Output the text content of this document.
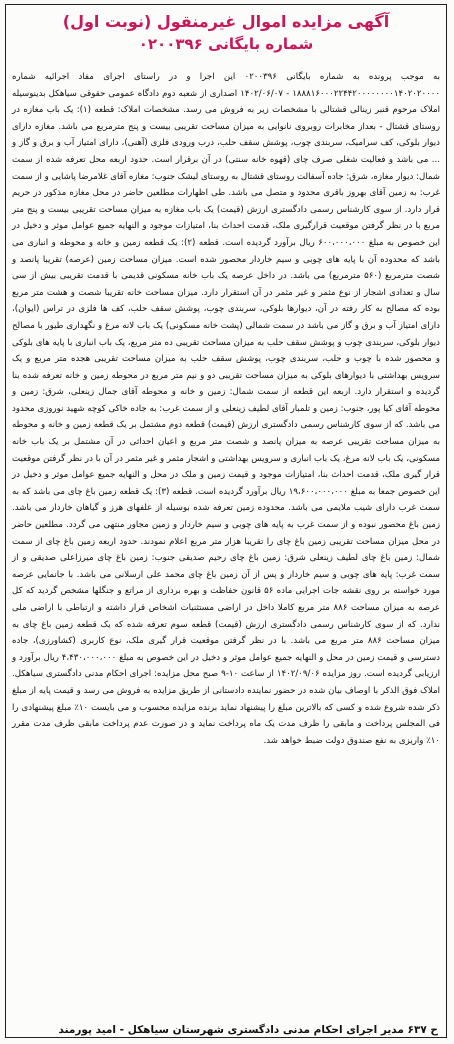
آگهی مزایده اموال غیرمنقول (نوبت اول)
شماره بایگانی ۰۲۰۰۳۹۶

به موجب پرونده به شماره بایگانی ۰۲۰۰۳۹۶ این اجرا و در راستای اجرای مفاد اجرائیه شماره ۱۸۸۸۱۶۰۰۰۲۲۴۴۲۰۰۰۰۰۰۰۰۱۴۰۲۰۲۰۰۰۰ - ۱۴۰۲/۰۶/۰۷ اصداری از شعبه دوم دادگاه عمومی حقوقی سیاهکل بدینوسیله املاک مرحوم قنبر زینالی قشتالی با مشخصات زیر به فروش می رسد. مشخصات املاک: قطعه (۱): یک باب مغازه در روستای قشتال - بعداز مخابرات روبروی نانوایی به میزان مساحت تقریبی بیست و پنج مترمربع می باشد. مغازه دارای دیوار بلوکی، کف سرامیک، سربندی چوب، پوشش سقف حلب، درب ورودی فلزی (آهنی)، دارای امتیاز آب و برق و گاز و ... می باشد و فعالیت شغلی صرف چای (قهوه خانه سنتی) در آن برقرار است. حدود اربعه محل تعرفه شده از سمت شمال: دیوار مغازه، شرق: جاده آسفالت روستای قشتال به روستای لیشک جنوب: مغازه آقای غلامرضا پاشایی و از سمت غرب: به زمین آقای بهروز باقری محدود و متصل می باشد. طی اظهارات مطلعین حاضر در محل مغازه مذکور در حریم قرار دارد. از سوی کارشناس رسمی دادگستری ارزش (قیمت) یک باب مغازه به میزان مساحت تقریبی بیست و پنج متر مربع با در نظر گرفتن موقعیت قرارگیری ملک، قدمت احداث بنا، امتیازات موجود و النهایه جمیع عوامل موثر و دخیل در این خصوص به مبلغ ۶۰۰،۰۰۰،۰۰۰ ریال برآورد گردیده است. قطعه (۲): یک قطعه زمین و خانه و محوطه و انباری می باشد که محدوده آن با پایه های چوبی و سیم خاردار محصور شده است. میزان مساحت زمین (عرصه) تقریبا پانصد و شصت مترمربع (۵۶۰ مترمربع) می باشد. در داخل عرصه یک باب خانه مسکونی قدیمی با قدمت تقریبی بیش از سی سال و تعدادی اشجار از نوع مثمر و غیر مثمر در آن استقرار دارد. میزان مساحت خانه تقریبا شصت و هشت متر مربع بوده که مصالح به کار رفته در آن، دیوارها بلوکی، سربندی چوب، پوشش سقف حلب، کف ها فلزی در تراس (ایوان)، دارای امتیاز آب و برق و گاز می باشد در سمت شمالی (پشت خانه مسکونی) یک باب لانه مرغ و نگهداری طیور با مصالح دیوار بلوکی، سربندی چوب و پوشش سقف حلب به میزان مساحت تقریبی ده متر مربع، یک باب انباری با پایه های بلوکی و محصور شده با چوب و حلب، سربندی چوب، پوشش سقف حلب به میزان مساحت تقریبی هجده متر مربع و یک سرویس بهداشتی با دیوارهای بلوکی به میزان مساحت تقریبی دو و نیم متر مربع در محوطه زمین و خانه تعرفه شده بنا گردیده و استقرار دارد. اربعه این قطعه از سمت شمال: زمین و خانه و محوطه آقای جمال زینعلی، شرق: زمین و محوطه آقای کیا پور، جنوب: زمین و تلمبار آقای لطیف زینعلی و از سمت غرب: به جاده خاکی کوچه شهید نوروزی محدود می باشد. که از سوی کارشناس رسمی دادگستری ارزش (قیمت) قطعه دوم مشتمل بر یک قطعه زمین و خانه و محوطه به میزان مساحت تقریبی عرصه به میزان پانصد و شصت متر مربع و اعیان احداثی در آن مشتمل بر یک باب خانه مسکونی، یک باب لانه مرغ، یک باب انباری و سرویس بهداشتی و اشجار مثمر و غیر مثمر در آن با در نظر گرفتن موقعیت قرار گیری ملک، قدمت احداث بنا، امتیازات موجود و قیمت زمین و ملک در محل و النهایه جمیع عوامل موثر و دخیل در این خصوص جمعا به مبلغ ۱۹،۶۰۰،۰۰۰،۰۰۰ ریال برآورد گردیده است. قطعه (۳): یک قطعه زمین باغ چای می باشد که به سمت غرب دارای شیب ملایمی می باشد. محدوده زمین تعرفه شده بوسیله از علفهای هرز و گیاهان خاردار می باشد. زمین باغ محصور نبوده و از سمت غرب به پایه های چوبی و سیم خاردار و زمین مجاور منتهی می گردد. مطلعین حاضر در محل میزان مساحت تقریبی زمین باغ چای را تقریبا هزار متر مربع اعلام نمودند. حدود اربعه زمین باغ چای از سمت شمال: زمین باغ چای لطیف زینعلی شرق: زمین باغ چای رحیم صدیقی جنوب: زمین باغ چای میرزاعلی صدیقی و از سمت غرب: پایه های چوبی و سیم خاردار و پس از آن زمین باغ چای محمد علی ارسلانی می باشد. با جانمایی عرصه مورد خواسته بر روی نقشه جات اجرایی ماده ۵۶ قانون حفاظت و بهره برداری از مراتع و جنگلها مشخص گردید که کل عرصه به میزان مساحت ۸۸۶ متر مربع کاملا داخل در اراضی مستثنیات اشخاص قرار داشته و ارتباطی با اراضی ملی ندارد. که از سوی کارشناس رسمی دادگستری ارزش (قیمت) قطعه سوم تعرفه شده که یک قطعه زمین باغ چای به میزان مساحت ۸۸۶ متر مربع می باشد. با در نظر گرفتن موقعیت قرار گیری ملک، نوع کاربری (کشاورزی)، جاده دسترسی و قیمت زمین در محل و النهایه جمیع عوامل موثر و دخیل در این خصوص به مبلغ ۴،۴۳۰،۰۰۰،۰۰۰ ریال برآورد و ارزیابی گردیده است. روز مزایده ۱۴۰۲/۰۹/۰۶ از ساعت ۱۰-۹ صبح محل مزایده: اجرای احکام مدنی دادگستری سیاهکل. املاک فوق الذکر با اوصاف بیان شده در حضور نماینده دادستانی از طریق مزایده به فروش می رسد و قیمت پایه از مبلغ ذکر شده شروع شده و کسی که بالاترین مبلغ را پیشنهاد نماید برنده مزایده محسوب و می بایست ۱۰٪ مبلغ پیشنهادی را فی المجلس پرداخت و مابقی را ظرف مدت یک ماه پرداخت نماید و در صورت عدم پرداخت مابقی ظرف مدت مقرر ۱۰٪ واریزی به نفع صندوق دولت ضبط خواهد شد.

ح ۶۳۷ مدیر اجرای احکام مدنی دادگستری شهرستان سیاهکل - امید پورمند
